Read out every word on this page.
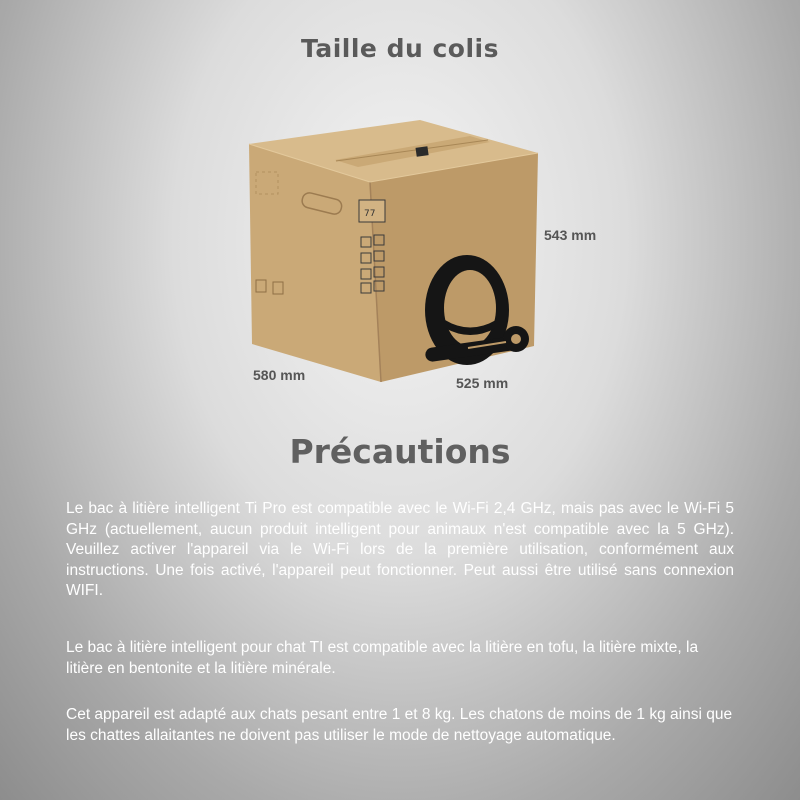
Taille du colis
77
543 mm
580 mm	525 mm
Précautions
Le bac à litière intelligent Ti Pro est compatible avec le Wi-Fi 2,4 GHz, mais pas avec le Wi-Fi 5 GHz (actuellement, aucun produit intelligent pour animaux n'est compatible avec la 5 GHz). Veuillez activer l'appareil via le Wi-Fi lors de la première utilisation, conformément aux instructions. Une fois activé, l'appareil peut fonctionner. Peut aussi être utilisé sans connexion WIFI.
Le bac à litière intelligent pour chat TI est compatible avec la litière en tofu, la litière mixte, la litière en bentonite et la litière minérale.
Cet appareil est adapté aux chats pesant entre 1 et 8 kg. Les chatons de moins de 1 kg ainsi que les chattes allaitantes ne doivent pas utiliser le mode de nettoyage automatique.
